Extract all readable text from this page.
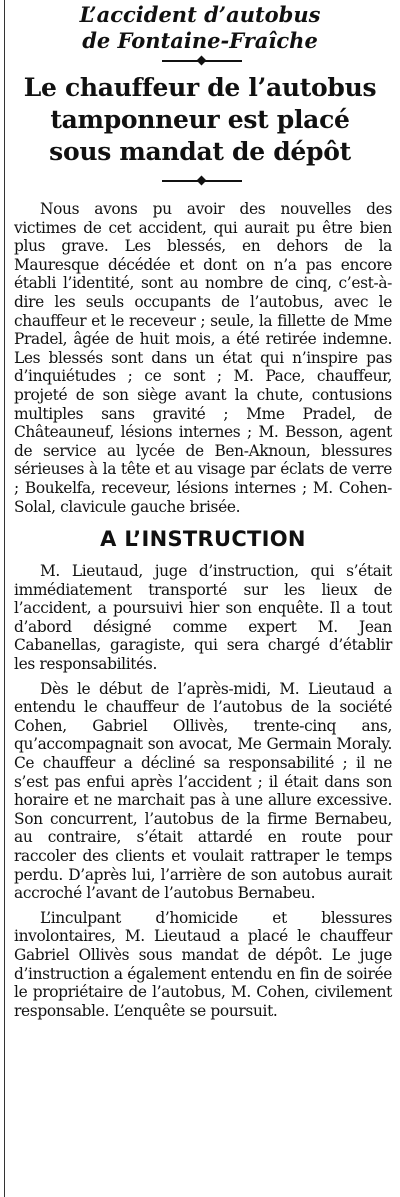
L’accident d’autobus
de Fontaine-Fraîche
Le chauffeur de l’autobus
tamponneur est placé
sous mandat de dépôt

Nous avons pu avoir des nouvelles des victimes de cet accident, qui aurait pu être bien plus grave. Les blessés, en dehors de la Mauresque décédée et dont on n’a pas encore établi l’identité, sont au nombre de cinq, c’est-à-dire les seuls occupants de l’autobus, avec le chauffeur et le receveur ; seule, la fillette de Mme Pradel, âgée de huit mois, a été retirée indemne. Les blessés sont dans un état qui n’inspire pas d’inquiétudes ; ce sont ; M. Pace, chauffeur, projeté de son siège avant la chute, contusions multiples sans gravité ; Mme Pradel, de Châteauneuf, lésions internes ; M. Besson, agent de service au lycée de Ben-Aknoun, blessures sérieuses à la tête et au visage par éclats de verre ; Boukelfa, receveur, lésions internes ; M. Cohen-Solal, clavicule gauche brisée.

A L’INSTRUCTION

M. Lieutaud, juge d’instruction, qui s’était immédiatement transporté sur les lieux de l’accident, a poursuivi hier son enquête. Il a tout d’abord désigné comme expert M. Jean Cabanellas, garagiste, qui sera chargé d’établir les responsabilités.

Dès le début de l’après-midi, M. Lieutaud a entendu le chauffeur de l’autobus de la société Cohen, Gabriel Ollivès, trente-cinq ans, qu’accompagnait son avocat, Me Germain Moraly. Ce chauffeur a décliné sa responsabilité ; il ne s’est pas enfui après l’accident ; il était dans son horaire et ne marchait pas à une allure excessive. Son concurrent, l’autobus de la firme Bernabeu, au contraire, s’était attardé en route pour raccoler des clients et voulait rattraper le temps perdu. D’après lui, l’arrière de son autobus aurait accroché l’avant de l’autobus Bernabeu.

L’inculpant d’homicide et blessures involontaires, M. Lieutaud a placé le chauffeur Gabriel Ollivès sous mandat de dépôt. Le juge d’instruction a également entendu en fin de soirée le propriétaire de l’autobus, M. Cohen, civilement responsable. L’enquête se poursuit.
